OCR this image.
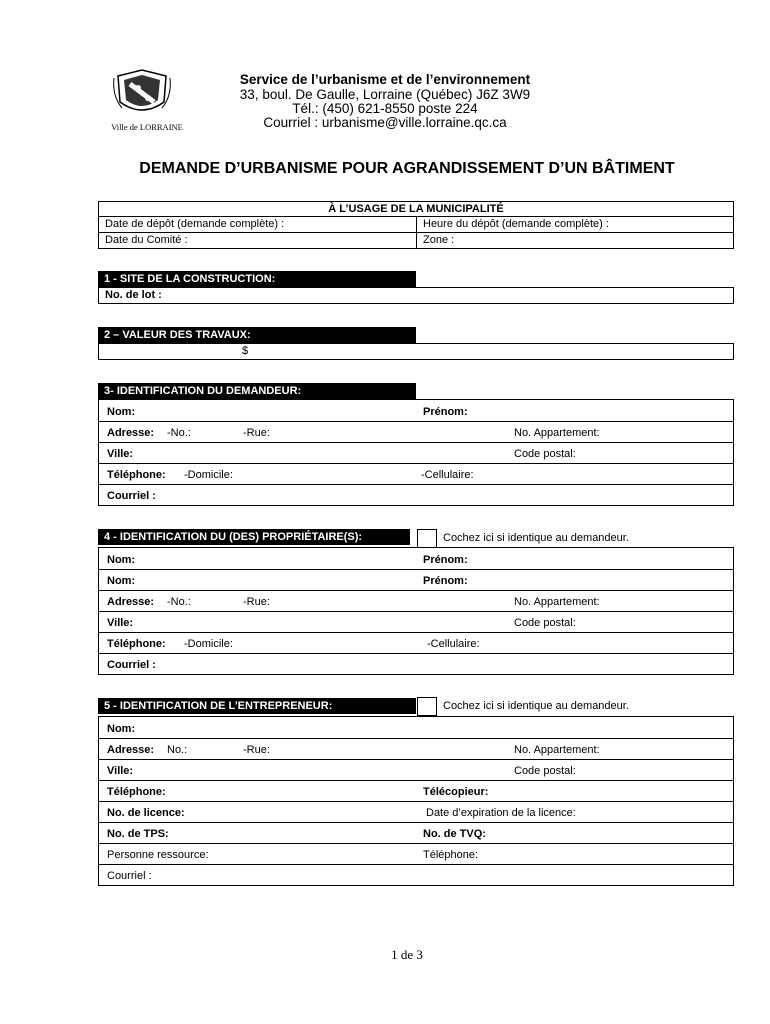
Ville de LORRAINE
Service de l’urbanisme et de l’environnement
33, boul. De Gaulle, Lorraine (Québec) J6Z 3W9
Tél.: (450) 621-8550 poste 224
Courriel : urbanisme@ville.lorraine.qc.ca
DEMANDE D’URBANISME POUR AGRANDISSEMENT D’UN BÂTIMENT
À L’USAGE DE LA MUNICIPALITÉ
Date de dépôt (demande complète) :	Heure du dépôt (demande complète) :
Date du Comité :	Zone :
1 - SITE DE LA CONSTRUCTION:
No. de lot :
2 – VALEUR DES TRAVAUX:
$
3- IDENTIFICATION DU DEMANDEUR:
Nom:	Prénom:
Adresse: -No.:	-Rue:	No. Appartement:
Ville:	Code postal:
Téléphone: -Domicile:	-Cellulaire:
Courriel :
4 - IDENTIFICATION DU (DES) PROPRIÉTAIRE(S):	Cochez ici si identique au demandeur.
Nom:	Prénom:
Nom:	Prénom:
Adresse: -No.:	-Rue:	No. Appartement:
Ville:	Code postal:
Téléphone: -Domicile:	-Cellulaire:
Courriel :
5 - IDENTIFICATION DE L’ENTREPRENEUR:	Cochez ici si identique au demandeur.
Nom:
Adresse: No.:	-Rue:	No. Appartement:
Ville:	Code postal:
Téléphone:	Télécopieur:
No. de licence:	Date d’expiration de la licence:
No. de TPS:	No. de TVQ:
Personne ressource:	Téléphone:
Courriel :
1 de 3
